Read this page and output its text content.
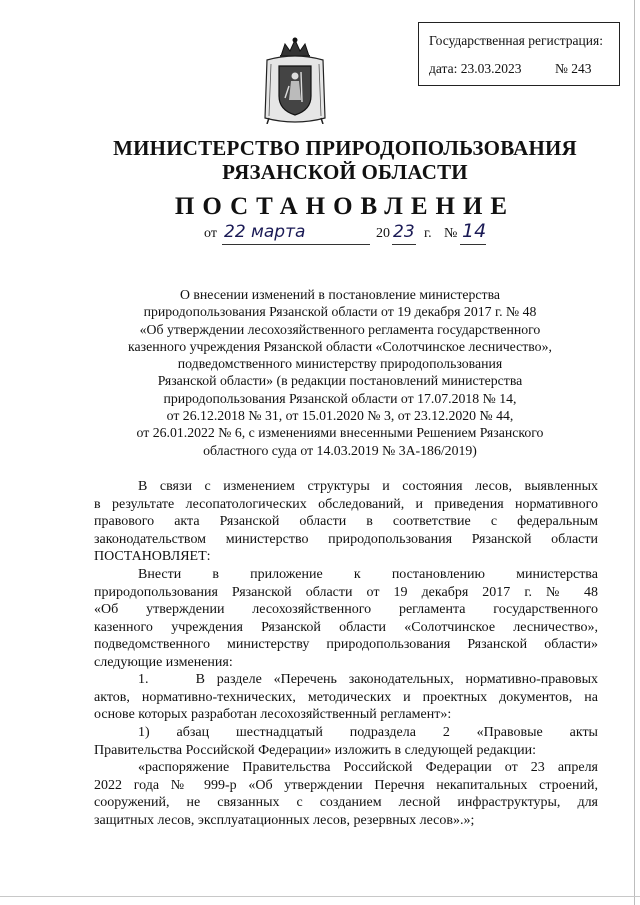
Государственная регистрация:
дата: 23.03.2023 № 243
МИНИСТЕРСТВО ПРИРОДОПОЛЬЗОВАНИЯ
РЯЗАНСКОЙ ОБЛАСТИ
ПОСТАНОВЛЕНИЕ
от 22 марта	20 23 г. № 14
О внесении изменений в постановление министерства
природопользования Рязанской области от 19 декабря 2017 г. № 48
«Об утверждении лесохозяйственного регламента государственного
казенного учреждения Рязанской области «Солотчинское лесничество»,
подведомственного министерству природопользования
Рязанской области» (в редакции постановлений министерства
природопользования Рязанской области от 17.07.2018 № 14,
от 26.12.2018 № 31, от 15.01.2020 № 3, от 23.12.2020 № 44,
от 26.01.2022 № 6, с изменениями внесенными Решением Рязанского
областного суда от 14.03.2019 № 3А-186/2019)
В связи с изменением структуры и состояния лесов, выявленных
в результате лесопатологических обследований, и приведения нормативного
правового акта Рязанской области в соответствие с федеральным
законодательством министерство природопользования Рязанской области
ПОСТАНОВЛЯЕТ:
Внести в приложение к постановлению министерства
природопользования Рязанской области от 19 декабря 2017 г. № 48
«Об утверждении лесохозяйственного регламента государственного
казенного учреждения Рязанской области «Солотчинское лесничество»,
подведомственного министерству природопользования Рязанской области»
следующие изменения:
1.    В разделе «Перечень законодательных, нормативно-правовых
актов, нормативно-технических, методических и проектных документов, на
основе которых разработан лесохозяйственный регламент»:
1) абзац шестнадцатый подраздела 2 «Правовые акты
Правительства Российской Федерации» изложить в следующей редакции:
«распоряжение Правительства Российской Федерации от 23 апреля
2022 года № 999-р «Об утверждении Перечня некапитальных строений,
сооружений, не связанных с созданием лесной инфраструктуры, для
защитных лесов, эксплуатационных лесов, резервных лесов».»;
